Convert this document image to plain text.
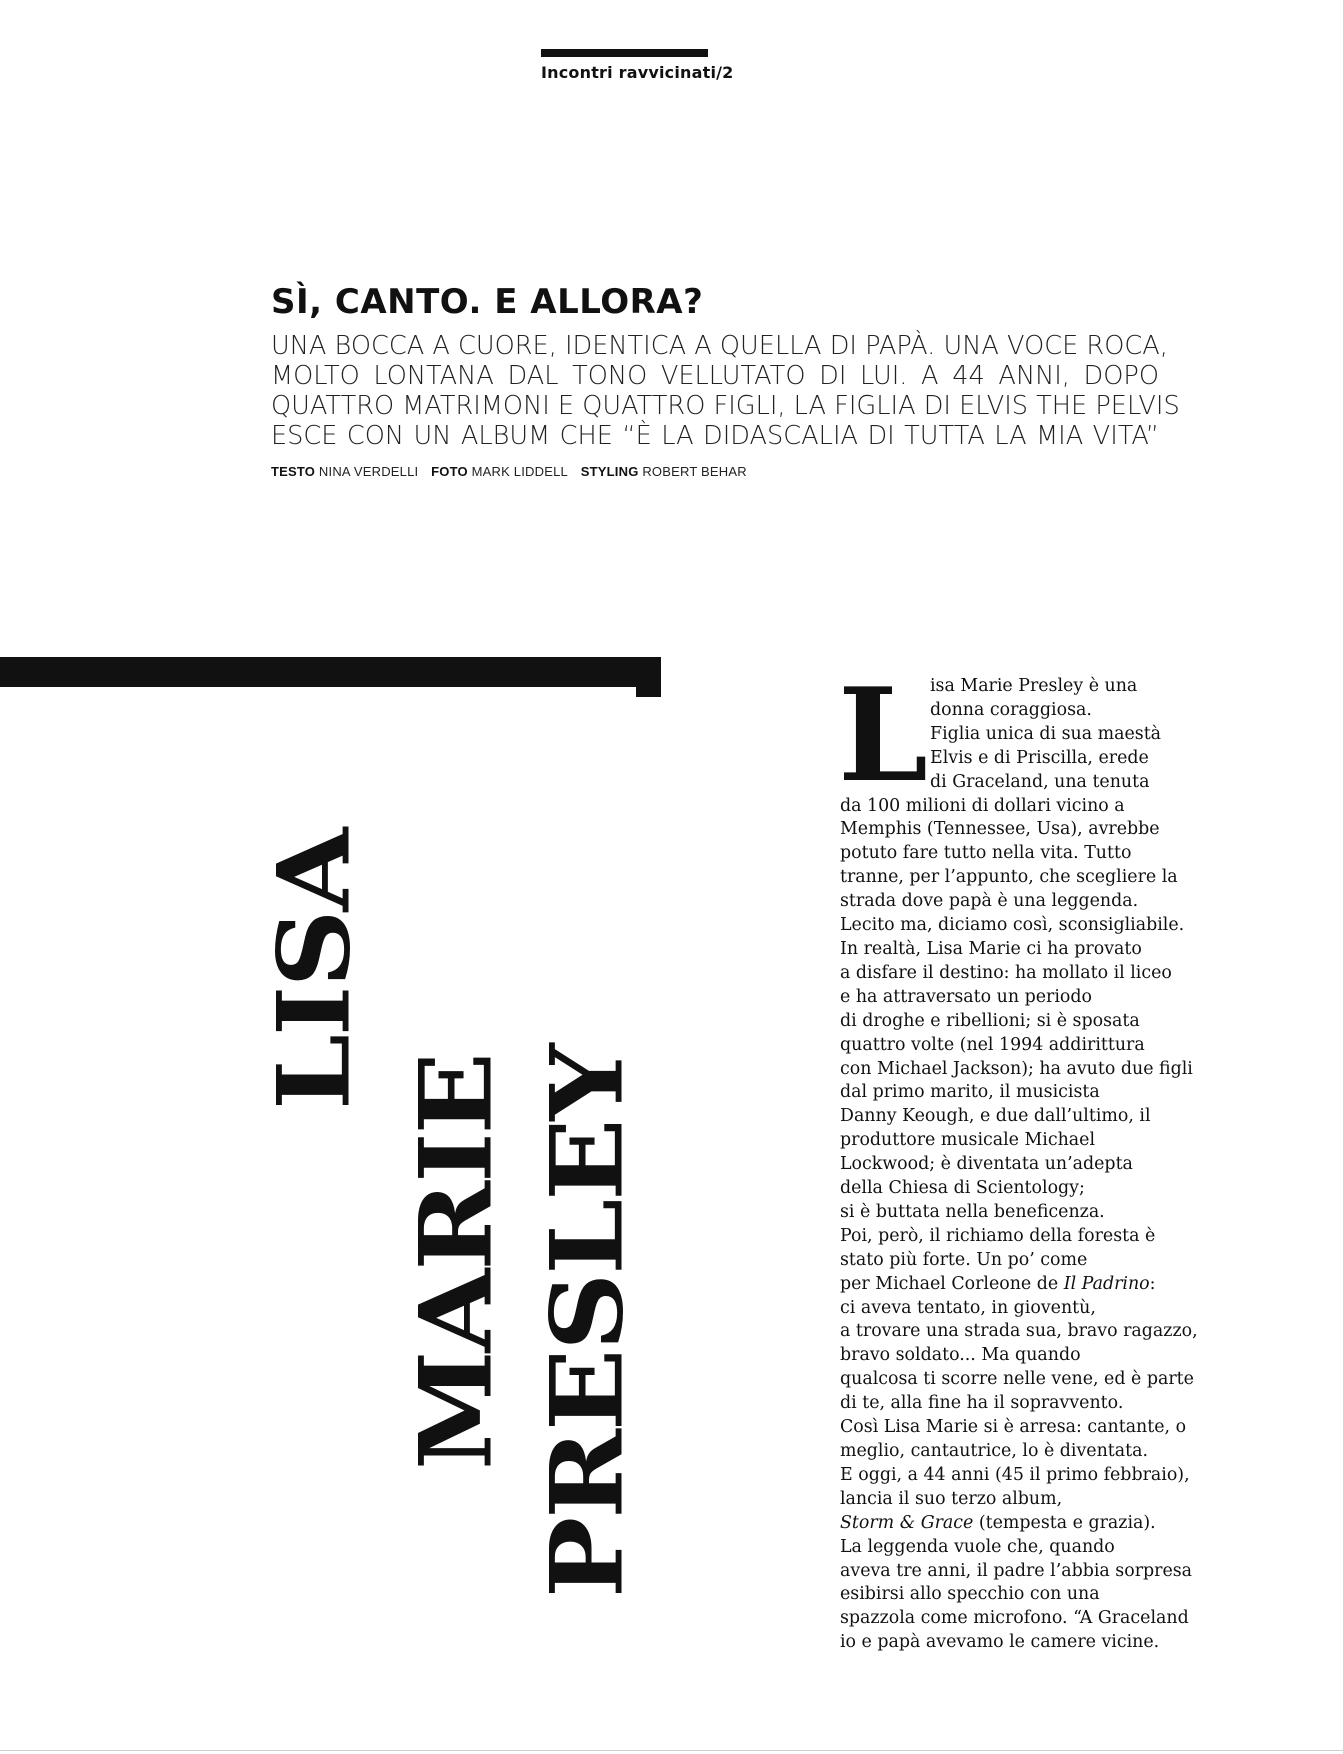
Incontri ravvicinati/2
SÌ, CANTO. E ALLORA?
UNA BOCCA A CUORE, IDENTICA A QUELLA DI PAPÀ. UNA VOCE ROCA,
MOLTO LONTANA DAL TONO VELLUTATO DI LUI. A 44 ANNI, DOPO
QUATTRO MATRIMONI E QUATTRO FIGLI, LA FIGLIA DI ELVIS THE PELVIS
ESCE CON UN ALBUM CHE “È LA DIDASCALIA DI TUTTA LA MIA VITA”
TESTO NINA VERDELLI FOTO MARK LIDDELL STYLING ROBERT BEHAR
LISA
MARIE PRESLEY
L isa Marie Presley è una
donna coraggiosa.
Figlia unica di sua maestà
Elvis e di Priscilla, erede
di Graceland, una tenuta
da 100 milioni di dollari vicino a
Memphis (Tennessee, Usa), avrebbe
potuto fare tutto nella vita. Tutto
tranne, per l’appunto, che scegliere la
strada dove papà è una leggenda.
Lecito ma, diciamo così, sconsigliabile.
In realtà, Lisa Marie ci ha provato
a disfare il destino: ha mollato il liceo
e ha attraversato un periodo
di droghe e ribellioni; si è sposata
quattro volte (nel 1994 addirittura
con Michael Jackson); ha avuto due figli
dal primo marito, il musicista
Danny Keough, e due dall’ultimo, il
produttore musicale Michael
Lockwood; è diventata un’adepta
della Chiesa di Scientology;
si è buttata nella beneficenza.
Poi, però, il richiamo della foresta è
stato più forte. Un po’ come
per Michael Corleone de Il Padrino:
ci aveva tentato, in gioventù,
a trovare una strada sua, bravo ragazzo,
bravo soldato... Ma quando
qualcosa ti scorre nelle vene, ed è parte
di te, alla fine ha il sopravvento.
Così Lisa Marie si è arresa: cantante, o
meglio, cantautrice, lo è diventata.
E oggi, a 44 anni (45 il primo febbraio),
lancia il suo terzo album,
Storm & Grace (tempesta e grazia).
La leggenda vuole che, quando
aveva tre anni, il padre l’abbia sorpresa
esibirsi allo specchio con una
spazzola come microfono. “A Graceland
io e papà avevamo le camere vicine.
